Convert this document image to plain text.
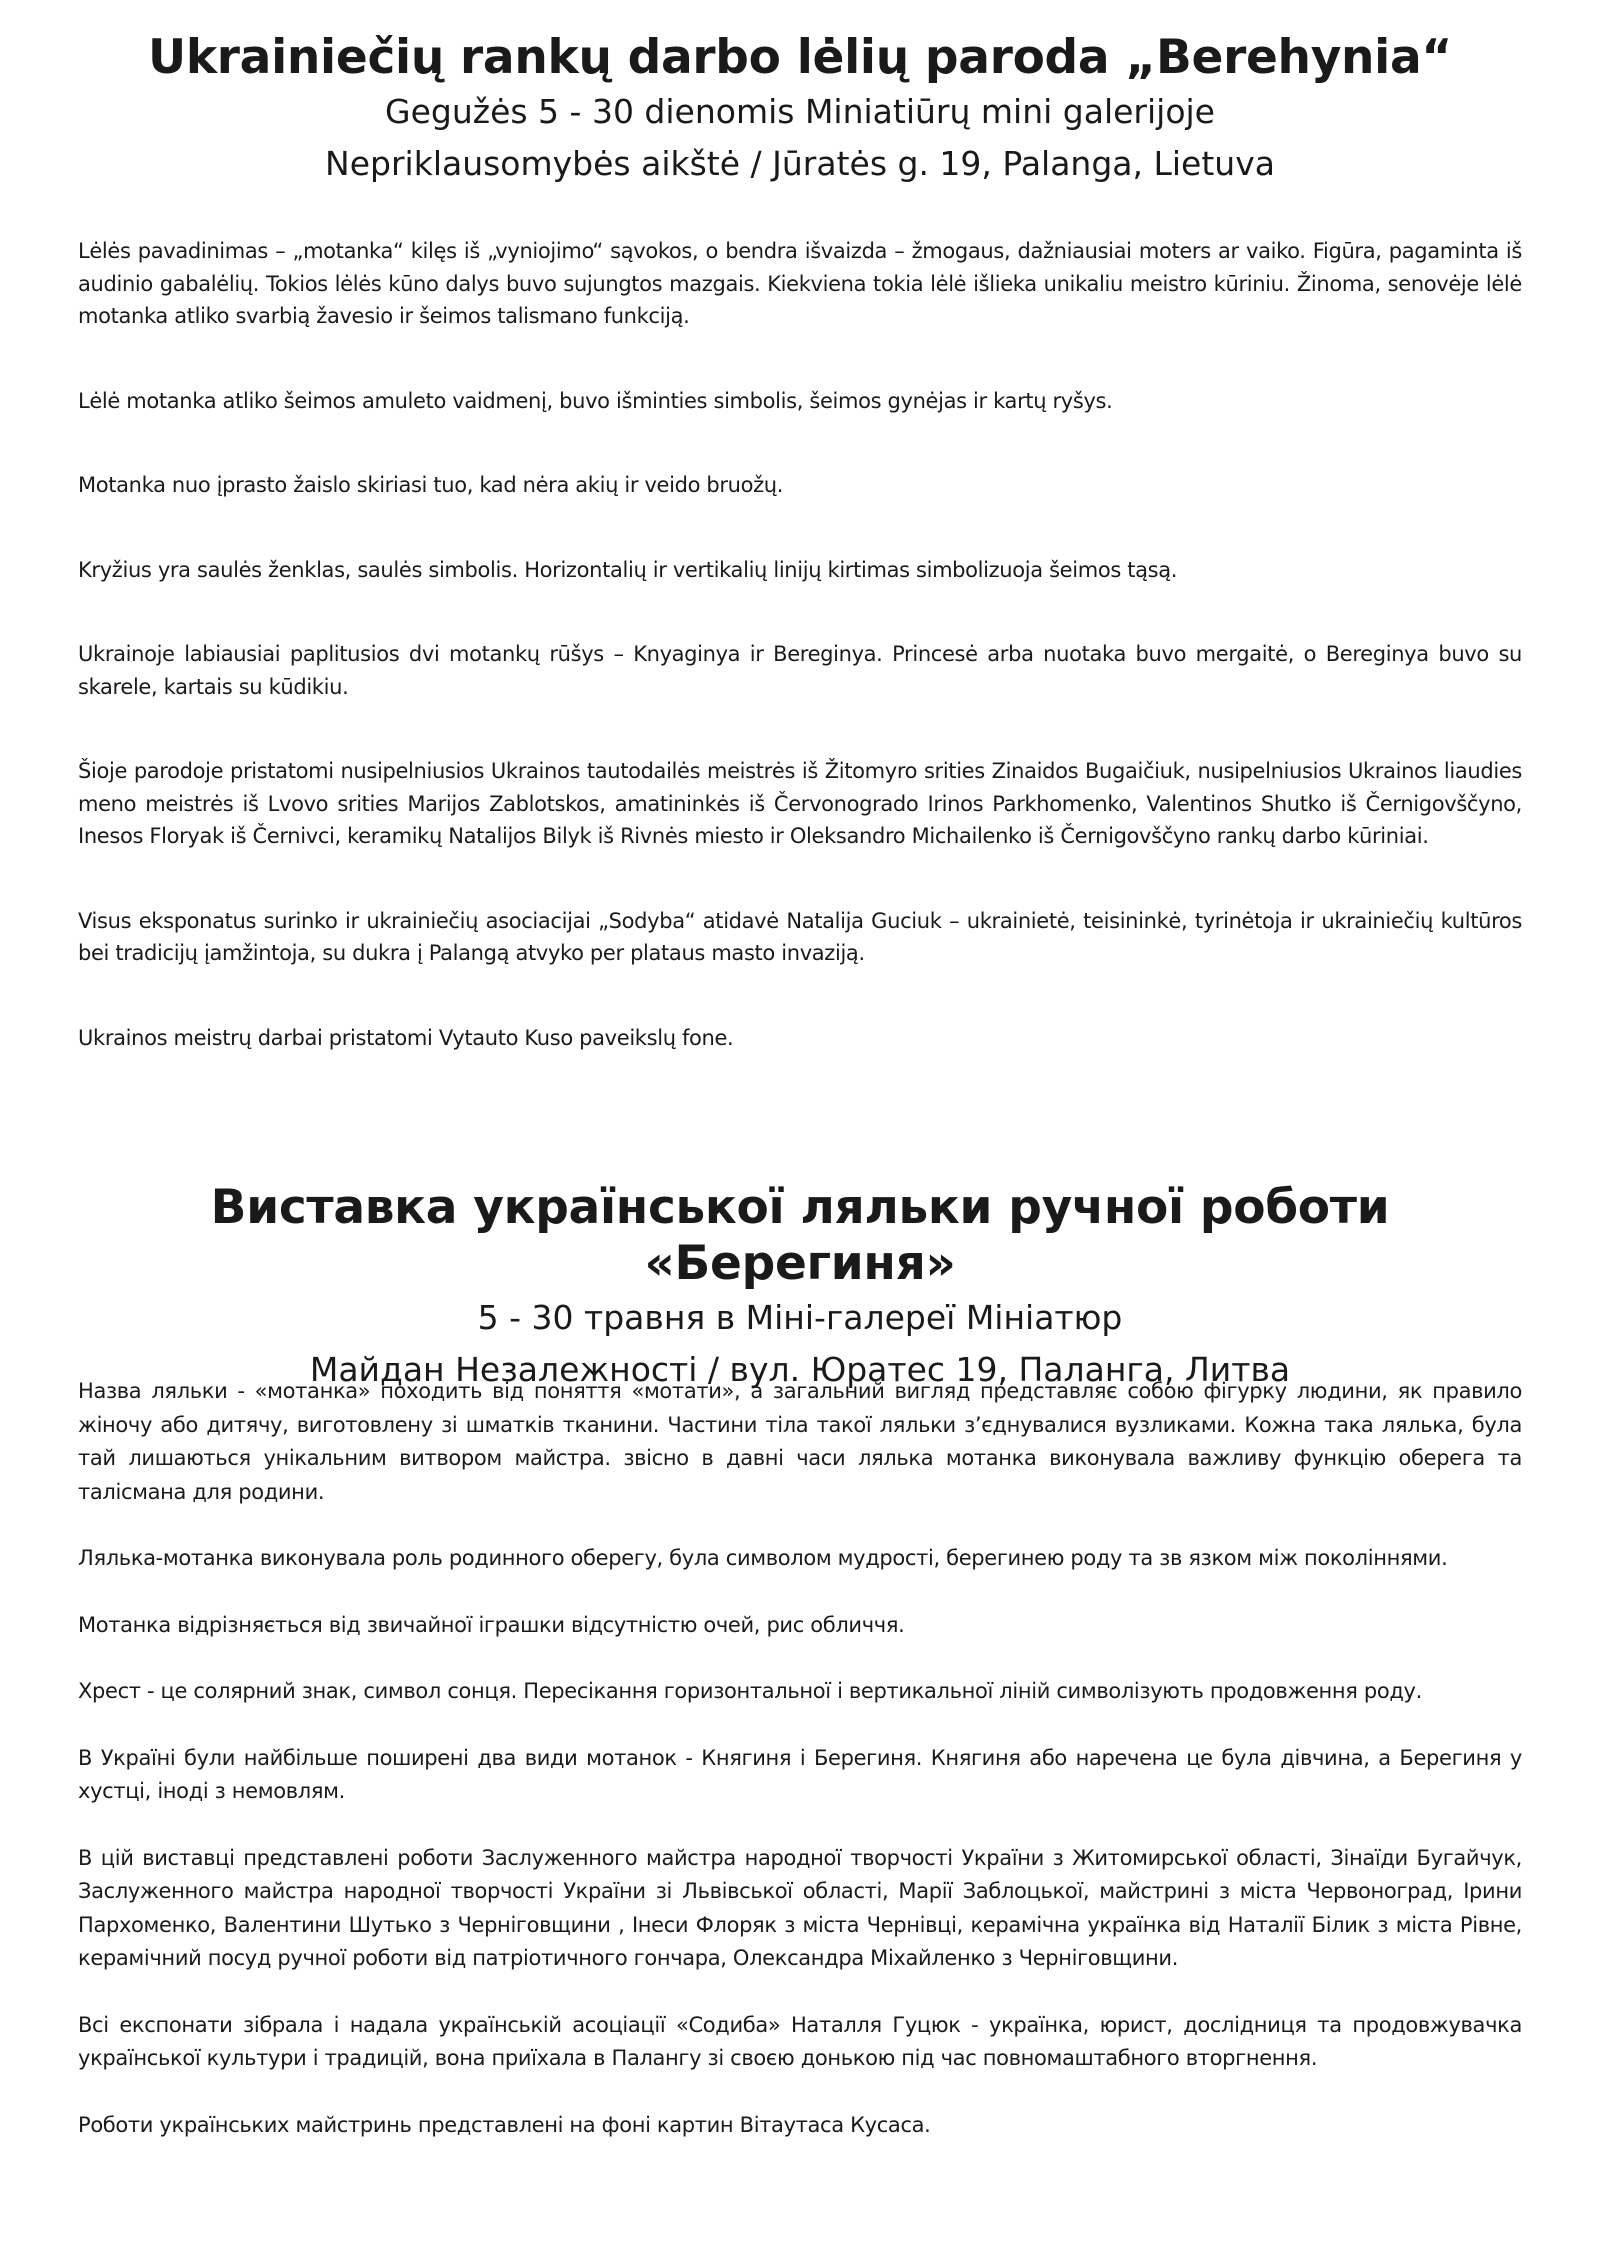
Ukrainiečių rankų darbo lėlių paroda „Berehynia“

Gegužės 5 - 30 dienomis Miniatiūrų mini galerijoje

Nepriklausomybės aikštė / Jūratės g. 19, Palanga, Lietuva

Lėlės pavadinimas – „motanka“ kilęs iš „vyniojimo“ sąvokos, o bendra išvaizda – žmogaus, dažniausiai moters ar vaiko. Figūra, pagaminta iš audinio gabalėlių. Tokios lėlės kūno dalys buvo sujungtos mazgais. Kiekviena tokia lėlė išlieka unikaliu meistro kūriniu. Žinoma, senovėje lėlė motanka atliko svarbią žavesio ir šeimos talismano funkciją.

Lėlė motanka atliko šeimos amuleto vaidmenį, buvo išminties simbolis, šeimos gynėjas ir kartų ryšys.

Motanka nuo įprasto žaislo skiriasi tuo, kad nėra akių ir veido bruožų.

Kryžius yra saulės ženklas, saulės simbolis. Horizontalių ir vertikalių linijų kirtimas simbolizuoja šeimos tąsą.

Ukrainoje labiausiai paplitusios dvi motankų rūšys – Knyaginya ir Bereginya. Princesė arba nuotaka buvo mergaitė, o Bereginya buvo su skarele, kartais su kūdikiu.

Šioje parodoje pristatomi nusipelniusios Ukrainos tautodailės meistrės iš Žitomyro srities Zinaidos Bugaičiuk, nusipelniusios Ukrainos liaudies meno meistrės iš Lvovo srities Marijos Zablotskos, amatininkės iš Červonogrado Irinos Parkhomenko, Valentinos Shutko iš Černigovščyno, Inesos Floryak iš Černivci, keramikų Natalijos Bilyk iš Rivnės miesto ir Oleksandro Michailenko iš Černigovščyno rankų darbo kūriniai.

Visus eksponatus surinko ir ukrainiečių asociacijai „Sodyba“ atidavė Natalija Guciuk – ukrainietė, teisininkė, tyrinėtoja ir ukrainiečių kultūros bei tradicijų įamžintoja, su dukra į Palangą atvyko per plataus masto invaziją.

Ukrainos meistrų darbai pristatomi Vytauto Kuso paveikslų fone.

Виставка української ляльки ручної роботи «Берегиня»

5 - 30 травня в Міні-галереї Мініатюр

Майдан Незалежності / вул. Юратес 19, Паланга, Литва

Назва ляльки - «мотанка» походить від поняття «мотати», а загальний вигляд представляє собою фігурку людини, як правило жіночу або дитячу, виготовлену зі шматків тканини. Частини тіла такої ляльки з’єднувалися вузликами. Кожна така лялька, була тай лишаються унікальним витвором майстра. звісно в давні часи лялька мотанка виконувала важливу функцію оберега та талісмана для родини.

Лялька-мотанка виконувала роль родинного оберегу, була символом мудрості, берегинею роду та зв язком між поколіннями.

Мотанка відрізняється від звичайної іграшки відсутністю очей, рис обличчя.

Хрест - це солярний знак, символ сонця. Пересікання горизонтальної і вертикальної ліній символізують продовження роду.

В Україні були найбільше поширені два види мотанок - Княгиня і Берегиня. Княгиня або наречена це була дівчина, а Берегиня у хустці, іноді з немовлям.

В цій виставці представлені роботи Заслуженного майстра народної творчості України з Житомирської області, Зінаїди Бугайчук, Заслуженного майстра народної творчості України зі Львівської області, Марії Заблоцької, майстрині з міста Червоноград, Ірини Пархоменко, Валентини Шутько з Черніговщини , Інеси Флоряк з міста Чернівці, керамічна українка від Наталії Білик з міста Рівне, керамічний посуд ручної роботи від патріотичного гончара, Олександра Міхайленко з Черніговщини.

Всі експонати зібрала і надала українській асоціації «Содиба» Наталля Гуцюк - українка, юрист, дослідниця та продовжувачка української культури і традицій, вона приїхала в Палангу зі своєю донькою під час повномаштабного вторгнення.

Роботи українських майстринь представлені на фоні картин Вітаутаса Кусаса.
